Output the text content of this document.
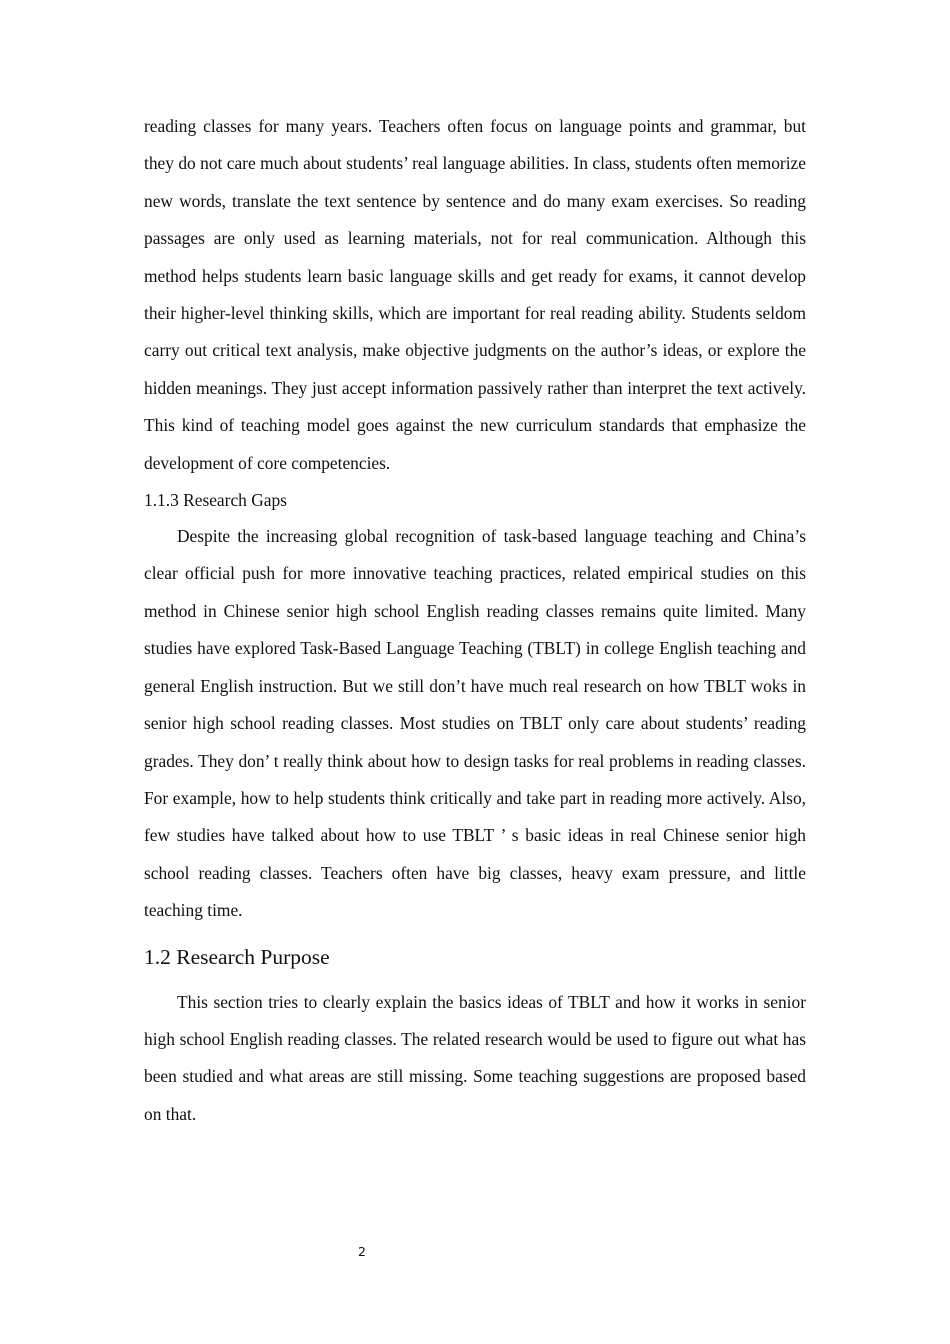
reading classes for many years. Teachers often focus on language points and grammar, but they do not care much about students’ real language abilities. In class, students often memorize new words, translate the text sentence by sentence and do many exam exercises. So reading passages are only used as learning materials, not for real communication. Although this method helps students learn basic language skills and get ready for exams, it cannot develop their higher-level thinking skills, which are important for real reading ability. Students seldom carry out critical text analysis, make objective judgments on the author’s ideas, or explore the hidden meanings. They just accept information passively rather than interpret the text actively. This kind of teaching model goes against the new curriculum standards that emphasize the development of core competencies.

1.1.3 Research Gaps

Despite the increasing global recognition of task-based language teaching and China’s clear official push for more innovative teaching practices, related empirical studies on this method in Chinese senior high school English reading classes remains quite limited. Many studies have explored Task-Based Language Teaching (TBLT) in college English teaching and general English instruction. But we still don’t have much real research on how TBLT woks in senior high school reading classes. Most studies on TBLT only care about students’ reading grades. They don’ t really think about how to design tasks for real problems in reading classes. For example, how to help students think critically and take part in reading more actively. Also, few studies have talked about how to use TBLT ’ s basic ideas in real Chinese senior high school reading classes. Teachers often have big classes, heavy exam pressure, and little teaching time.

1.2 Research Purpose

This section tries to clearly explain the basics ideas of TBLT and how it works in senior high school English reading classes. The related research would be used to figure out what has been studied and what areas are still missing. Some teaching suggestions are proposed based on that.

2
